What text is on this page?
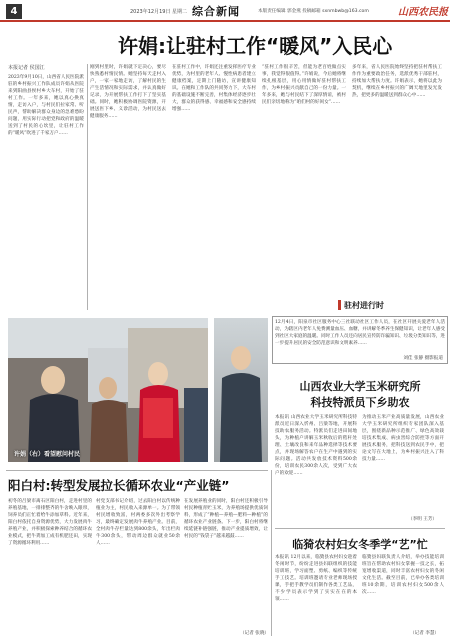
4	2023年12月19日 星期二 综合新闻	本版责任编辑 郭金燕 投稿邮箱 sxnmbwb@163.com	山西农民报
许娟:让驻村工作“暖风”入民心
本报记者 侯国江
2023年9月10日，山西省人民医院派驻的乡村振兴工作队成员许娟从医院来到阳曲县侯村乡大车村，开始了驻村工作。一年多来，她以真心换真情，走访入户，与村民们拉家常、听民声，帮助解决群众身边的急难愁盼问题，用实际行动把党和政府的温暖送到了村民的心坎里，让驻村工作的“暖风”吹进了千家万户……
刚到村里时，许娟就下定决心，要尽快熟悉村情民情。她坚持每天走村入户，一家一家地走访，了解村民的生产生活情况和实际需求，并认真做好记录，为开展帮扶工作打下了坚实基础。同时，她积极协调医院资源，开展送医下乡、义诊活动，为村民送去健康服务……
在驻村工作中，许娟还注重发挥医疗专业优势，为村里的老年人、慢性病患者建立健康档案，定期上门随访，宣讲健康知识。在她和工作队的共同努力下，大车村的基础设施不断完善，村集体经济逐步壮大，群众的获得感、幸福感和安全感持续增强……
“驻村工作很辛苦，但能为老百姓做点实事，我觉得很值得。”许娟说，今后她将继续扎根基层，用心用情做好驻村帮扶工作，为乡村振兴贡献自己的一份力量。一年多来，她与村民结下了深厚情谊，被村民们亲切地称为“咱们村的好闺女”……
多年来，省人民医院始终坚持把驻村帮扶工作作为重要政治任务，选派优秀干部驻村，持续加大帮扶力度。许娟表示，她将以此为契机，继续在乡村振兴的广阔天地里发光发热，把更多的温暖送到群众心中……
许娟（右）看望慰问村民
驻村进行时
12月4日，阳泉市社区服务中心三社联动社区工作人员，在社区开展关爱老年人活动，为辖区内老年人免费测量血压、血糖，并讲解冬季养生保健知识，让老年人感受到社区大家庭的温暖。同时工作人员还向居民宣传防诈骗知识、垃圾分类知识等，进一步提升居民的安全防范意识和文明素养……
刘佳 张静 摄影报道
山西农业大学玉米研究所
科技特派员下乡助农
本报讯 山西农业大学玉米研究所科技特派员近日深入忻州、吕梁等地，开展科技助农服务活动。特派员们走进田间地头，为种植户讲解玉米秋收后的秸秆处理、土壤改良和来年品种选择等技术要点，并现场解答农户在生产中遇到的实际问题。活动共发放技术资料500余份，培训农民300余人次，受到广大农户的欢迎……
为推动玉米产业高质量发展，山西农业大学玉米研究所组织专家团队深入基层，围绕新品种示范推广、绿色高效栽培技术集成、病虫害综合防控等方面开展技术服务，把科技送到农民手中，把论文写在大地上，为乡村振兴注入了科技力量……
（李明 王芳）
阳白村:转型发展拉长循环农业“产业链”
初冬的吕梁市离石区阳白村，走进村里的养殖基地，一排排整齐的牛舍映入眼帘，饲养员们正忙着给牛添加草料。近年来，阳白村依托自身资源优势，大力发展肉牛养殖产业，并积极探索种养结合的循环农业模式，把牛粪加工成有机肥还田，实现了资源循环利用……
村党支部书记介绍，过去阳白村以传统种植业为主，村民收入来源单一。为了带领村民增收致富，村两委多次外出考察学习，最终确定发展肉牛养殖产业。目前，全村肉牛存栏量达到800余头，年出栏肉牛300余头，带动周边群众就业50余人……
在发展养殖业的同时，阳白村还积极引导村民种植青贮玉米，为养殖场提供优质饲料，形成了“种植—养殖—肥料—种植”的循环农业产业链条。下一步，阳白村将继续延链补链强链，推动产业提质增效，让村民的“钱袋子”越来越鼓……
（记者 张晓）
临猗农村妇女冬季学“艺”忙
本报讯 12月以来，临猗县农村妇女趁着冬闲时节，纷纷走进县妇联组织的技能培训班，学习面塑、剪纸、编织等传统手工技艺。培训班邀请专业老师现场授课，手把手教学员们制作各类工艺品，不少学员表示学到了实实在在的本领……
临猗县妇联负责人介绍，举办技能培训班旨在帮助农村妇女掌握一技之长，拓宽增收渠道，同时丰富农村妇女的冬闲文化生活。截至目前，已举办各类培训班10余期，培训农村妇女500余人次……
（记者 李慧）
